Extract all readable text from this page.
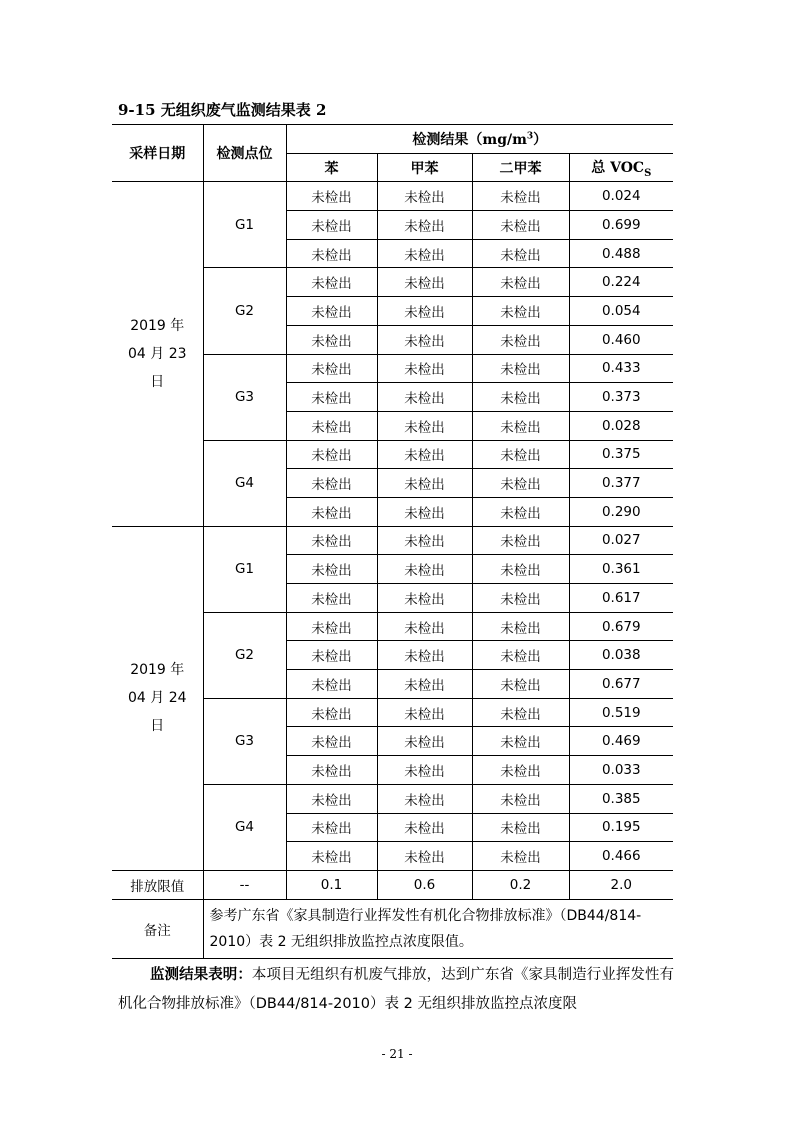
9-15 无组织废气监测结果表 2
采样日期	检测点位	检测结果$(mg/m^3)$			
		苯	甲苯	二甲苯	总 $VOC_S$

2019 年
04 月 23
日	G1	未检出	未检出	未检出	0.024
		未检出	未检出	未检出	0.699
		未检出	未检出	未检出	0.488
	G2	未检出	未检出	未检出	0.224
		未检出	未检出	未检出	0.054
		未检出	未检出	未检出	0.460
	G3	未检出	未检出	未检出	0.433
		未检出	未检出	未检出	0.373
		未检出	未检出	未检出	0.028
	G4	未检出	未检出	未检出	0.375
		未检出	未检出	未检出	0.377
		未检出	未检出	未检出	0.290

2019 年
04 月 24
日	G1	未检出	未检出	未检出	0.027
		未检出	未检出	未检出	0.361
		未检出	未检出	未检出	0.617
	G2	未检出	未检出	未检出	0.679
		未检出	未检出	未检出	0.038
		未检出	未检出	未检出	0.677
	G3	未检出	未检出	未检出	0.519
		未检出	未检出	未检出	0.469
		未检出	未检出	未检出	0.033
	G4	未检出	未检出	未检出	0.385
		未检出	未检出	未检出	0.195
		未检出	未检出	未检出	0.466
排放限值	--	0.1	0.6	0.2	2.0
备注	参考广东省《家具制造行业挥发性有机化合物排放标准》（DB44/814-2010）表 2 无组织排放监控点浓度限值。				
监测结果表明：本项目无组织有机废气排放，达到广东省《家具制造行业挥发性有机化合物排放标准》（DB44/814-2010）表 2 无组织排放监控点浓度限
- 21 -
